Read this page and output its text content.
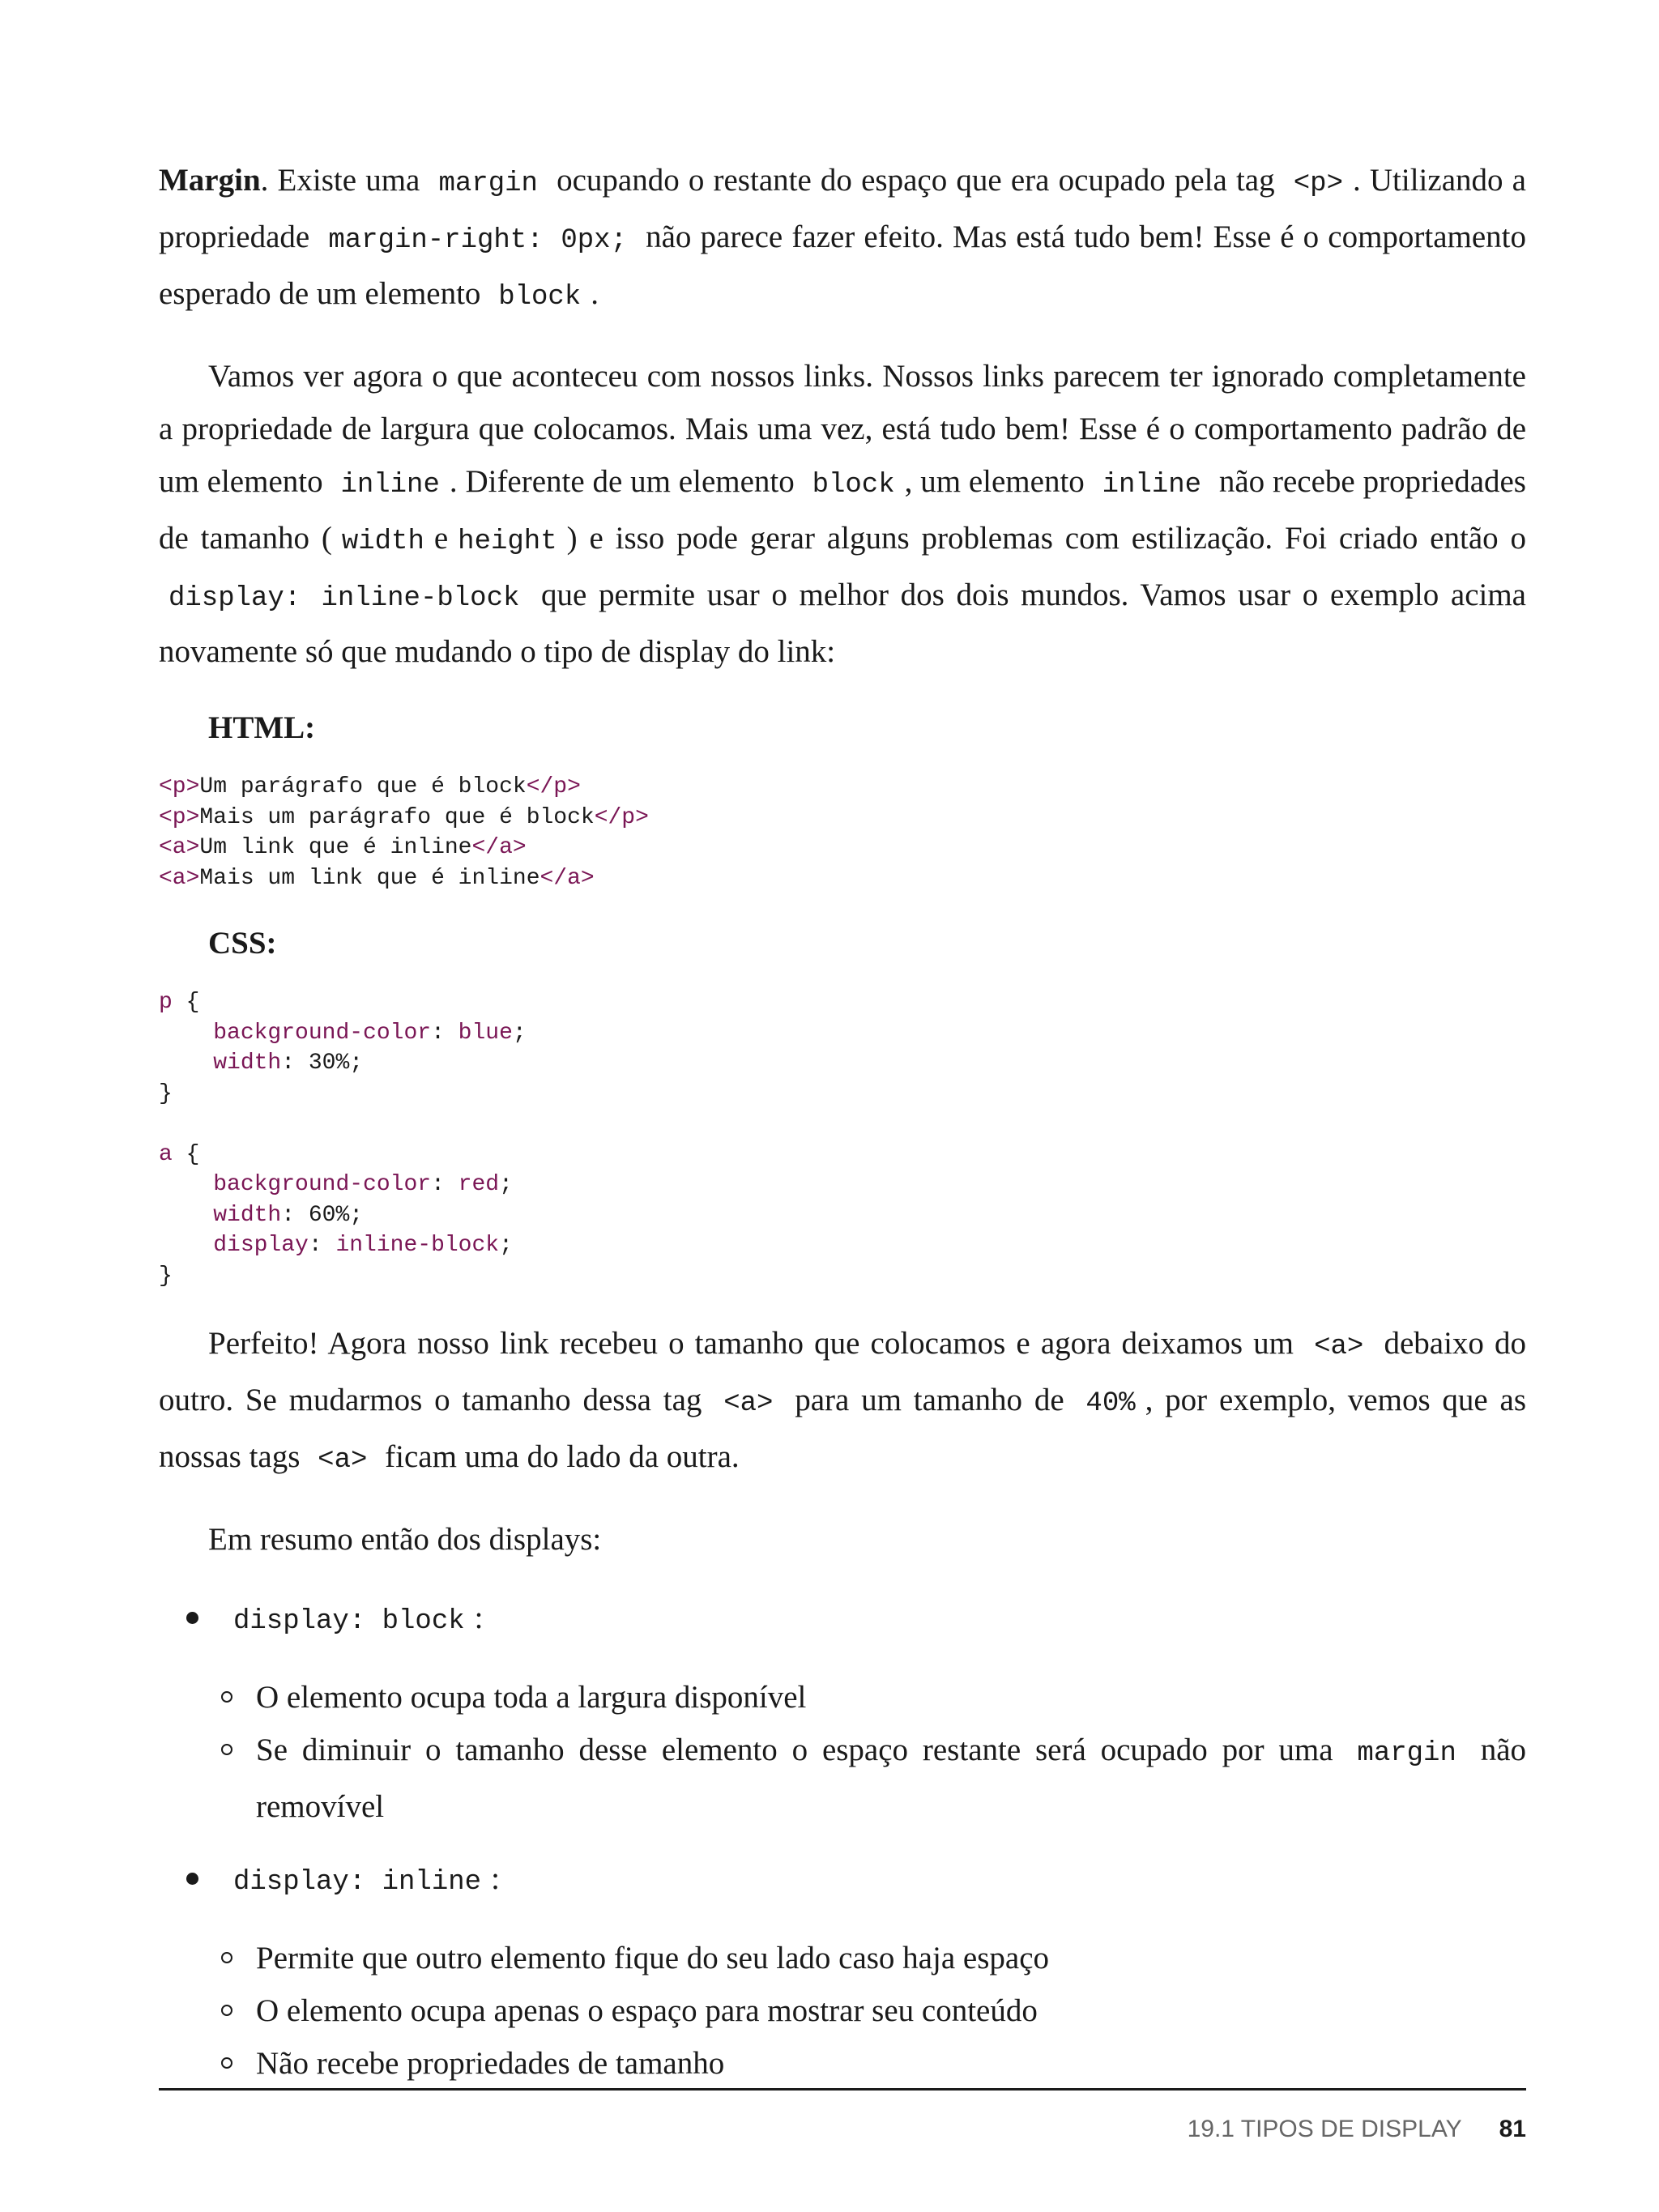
Margin. Existe uma margin ocupando o restante do espaço que era ocupado pela tag <p> . Utilizando a propriedade margin-right: 0px; não parece fazer efeito. Mas está tudo bem! Esse é o comportamento esperado de um elemento block .

Vamos ver agora o que aconteceu com nossos links. Nossos links parecem ter ignorado completamente a propriedade de largura que colocamos. Mais uma vez, está tudo bem! Esse é o comportamento padrão de um elemento inline . Diferente de um elemento block , um elemento inline não recebe propriedades de tamanho ( width e height ) e isso pode gerar alguns problemas com estilização. Foi criado então o display: inline-block que permite usar o melhor dos dois mundos. Vamos usar o exemplo acima novamente só que mudando o tipo de display do link:

HTML:
<p>Um parágrafo que é block</p>
<p>Mais um parágrafo que é block</p>
<a>Um link que é inline</a>
<a>Mais um link que é inline</a>
CSS:
p {
background-color: blue;
width: 30%;
}

a {
background-color: red;
width: 60%;
display: inline-block;
}

Perfeito! Agora nosso link recebeu o tamanho que colocamos e agora deixamos um <a> debaixo do outro. Se mudarmos o tamanho dessa tag <a> para um tamanho de 40% , por exemplo, vemos que as nossas tags <a> ficam uma do lado da outra.

Em resumo então dos displays:

display: block :
O elemento ocupa toda a largura disponível
Se diminuir o tamanho desse elemento o espaço restante será ocupado por uma margin não removível
display: inline :
Permite que outro elemento fique do seu lado caso haja espaço
O elemento ocupa apenas o espaço para mostrar seu conteúdo
Não recebe propriedades de tamanho
19.1 TIPOS DE DISPLAY 81
